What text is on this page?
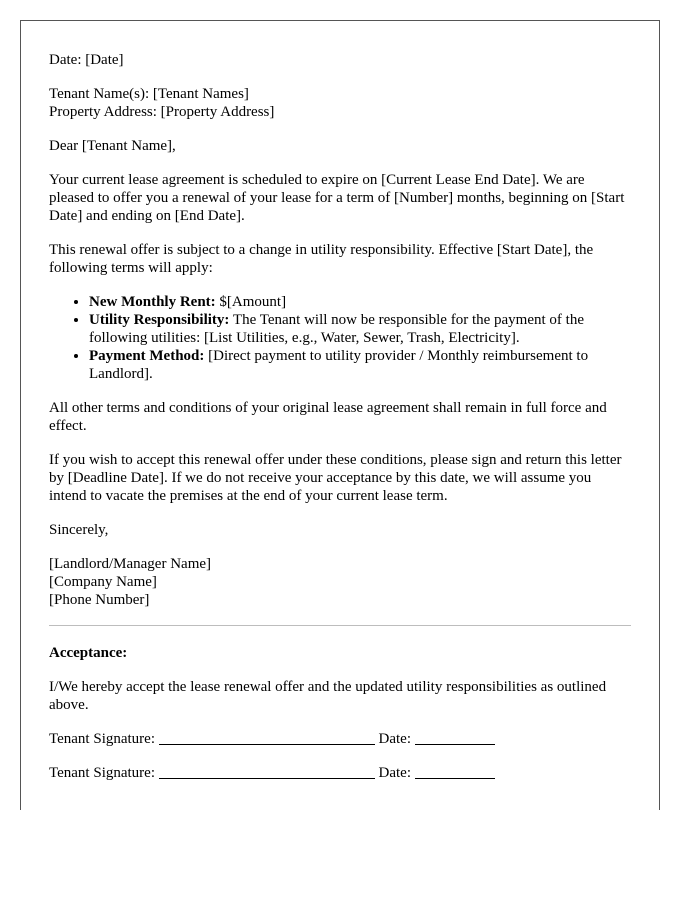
Date: [Date]

Tenant Name(s): [Tenant Names]
Property Address: [Property Address]

Dear [Tenant Name],

Your current lease agreement is scheduled to expire on [Current Lease End Date]. We are pleased to offer you a renewal of your lease for a term of [Number] months, beginning on [Start Date] and ending on [End Date].

This renewal offer is subject to a change in utility responsibility. Effective [Start Date], the following terms will apply:

• New Monthly Rent: $[Amount]
• Utility Responsibility: The Tenant will now be responsible for the payment of the following utilities: [List Utilities, e.g., Water, Sewer, Trash, Electricity].
• Payment Method: [Direct payment to utility provider / Monthly reimbursement to Landlord].

All other terms and conditions of your original lease agreement shall remain in full force and effect.

If you wish to accept this renewal offer under these conditions, please sign and return this letter by [Deadline Date]. If we do not receive your acceptance by this date, we will assume you intend to vacate the premises at the end of your current lease term.

Sincerely,

[Landlord/Manager Name]
[Company Name]
[Phone Number]

Acceptance:

I/We hereby accept the lease renewal offer and the updated utility responsibilities as outlined above.

Tenant Signature:	Date:
Tenant Signature:	Date:
